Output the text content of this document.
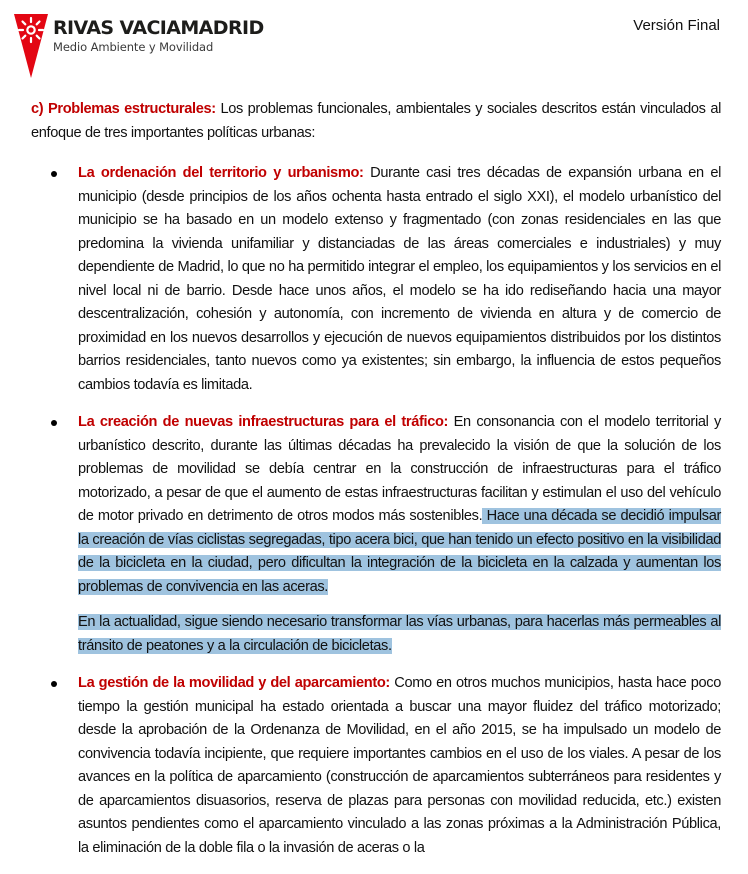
RIVAS VACIAMADRID
Medio Ambiente y Movilidad
Versión Final

c) Problemas estructurales: Los problemas funcionales, ambientales y sociales descritos están vinculados al enfoque de tres importantes políticas urbanas:

La ordenación del territorio y urbanismo: Durante casi tres décadas de expansión urbana en el municipio (desde principios de los años ochenta hasta entrado el siglo XXI), el modelo urbanístico del municipio se ha basado en un modelo extenso y fragmentado (con zonas residenciales en las que predomina la vivienda unifamiliar y distanciadas de las áreas comerciales e industriales) y muy dependiente de Madrid, lo que no ha permitido integrar el empleo, los equipamientos y los servicios en el nivel local ni de barrio. Desde hace unos años, el modelo se ha ido rediseñando hacia una mayor descentralización, cohesión y autonomía, con incremento de vivienda en altura y de comercio de proximidad en los nuevos desarrollos y ejecución de nuevos equipamientos distribuidos por los distintos barrios residenciales, tanto nuevos como ya existentes; sin embargo, la influencia de estos pequeños cambios todavía es limitada.

La creación de nuevas infraestructuras para el tráfico: En consonancia con el modelo territorial y urbanístico descrito, durante las últimas décadas ha prevalecido la visión de que la solución de los problemas de movilidad se debía centrar en la construcción de infraestructuras para el tráfico motorizado, a pesar de que el aumento de estas infraestructuras facilitan y estimulan el uso del vehículo de motor privado en detrimento de otros modos más sostenibles. Hace una década se decidió impulsar la creación de vías ciclistas segregadas, tipo acera bici, que han tenido un efecto positivo en la visibilidad de la bicicleta en la ciudad, pero dificultan la integración de la bicicleta en la calzada y aumentan los problemas de convivencia en las aceras.

En la actualidad, sigue siendo necesario transformar las vías urbanas, para hacerlas más permeables al tránsito de peatones y a la circulación de bicicletas.

La gestión de la movilidad y del aparcamiento: Como en otros muchos municipios, hasta hace poco tiempo la gestión municipal ha estado orientada a buscar una mayor fluidez del tráfico motorizado; desde la aprobación de la Ordenanza de Movilidad, en el año 2015, se ha impulsado un modelo de convivencia todavía incipiente, que requiere importantes cambios en el uso de los viales. A pesar de los avances en la política de aparcamiento (construcción de aparcamientos subterráneos para residentes y de aparcamientos disuasorios, reserva de plazas para personas con movilidad reducida, etc.) existen asuntos pendientes como el aparcamiento vinculado a las zonas próximas a la Administración Pública, la eliminación de la doble fila o la invasión de aceras o la
